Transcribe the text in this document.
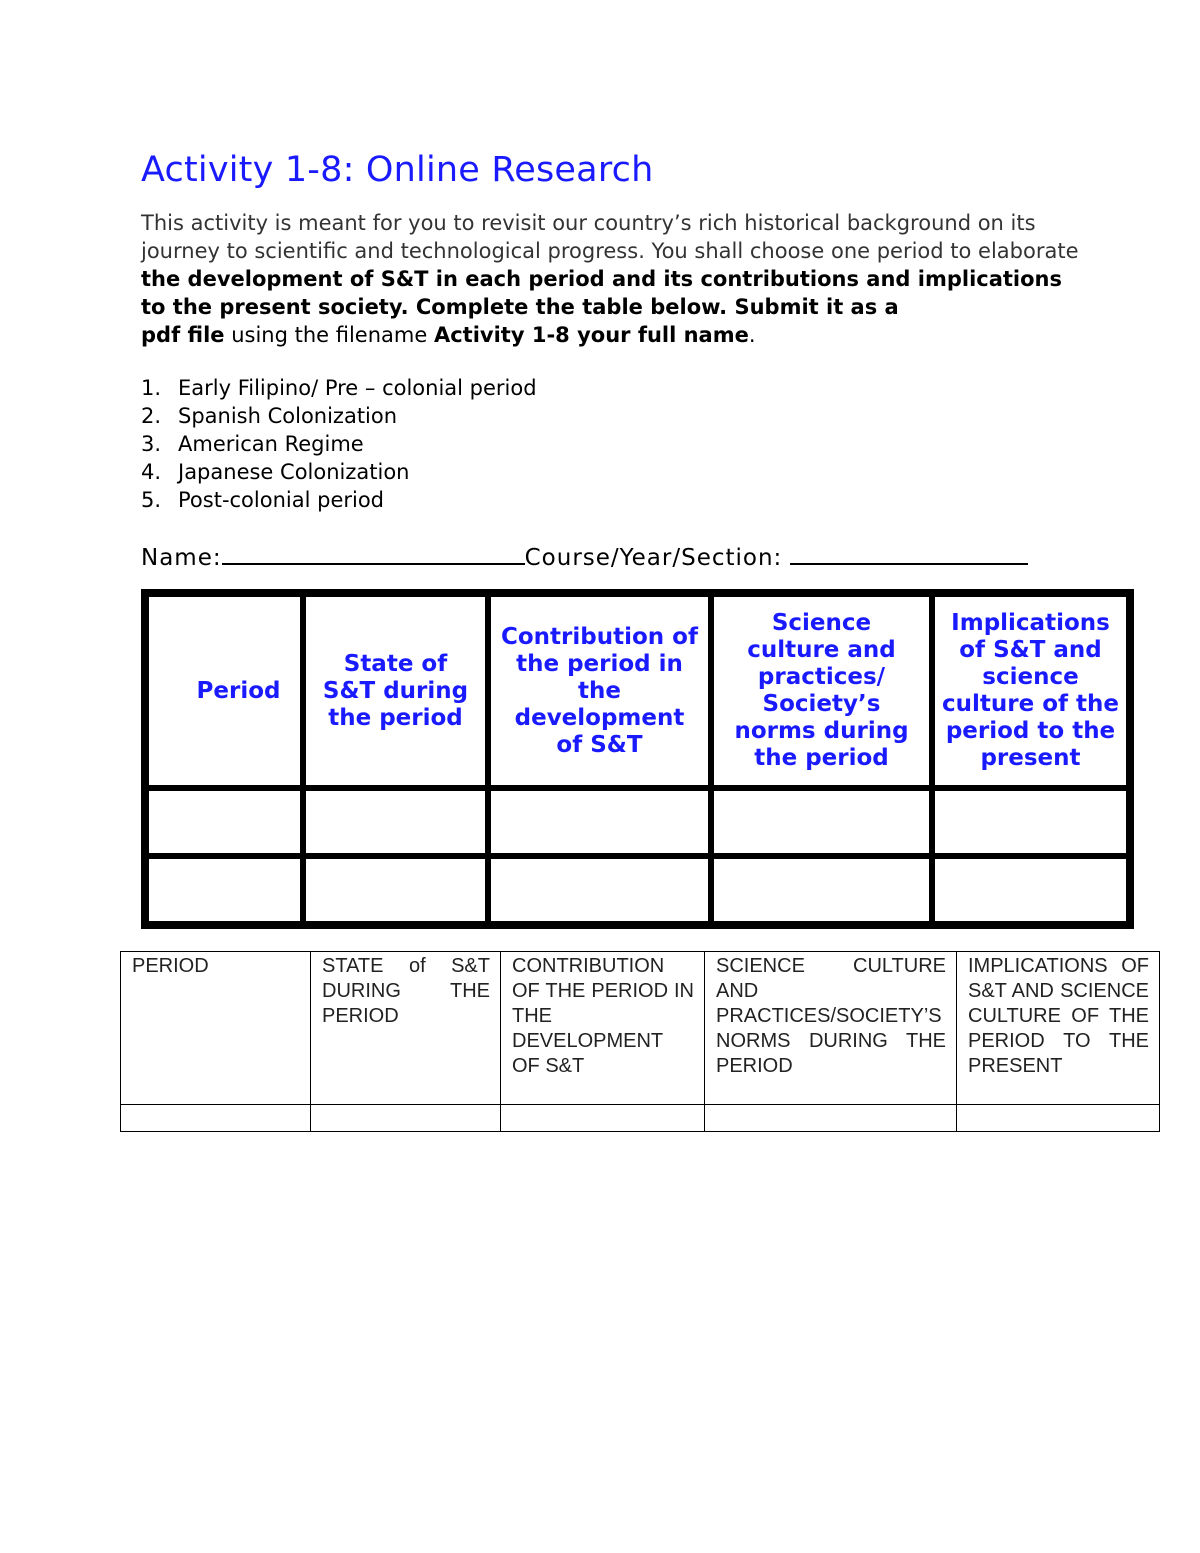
Activity 1-8: Online Research

This activity is meant for you to revisit our country’s rich historical background on its journey to scientific and technological progress. You shall choose one period to elaborate the development of S&T in each period and its contributions and implications to the present society. Complete the table below. Submit it as a
pdf file using the filename Activity 1-8 your full name.

1. Early Filipino/ Pre – colonial period
2. Spanish Colonization
3. American Regime
4. Japanese Colonization
5. Post-colonial period
Name:	Course/Year/Section:
Period	State of S&T during the period	Contribution of the period in the development of S&T	Science culture and practices/ Society’s norms during the period	Implications of S&T and science culture of the period to the present

PERIOD	STATE of S&T DURING THE PERIOD	CONTRIBUTION OF THE PERIOD IN THE DEVELOPMENT OF S&T	SCIENCE CULTURE AND PRACTICES/SOCIETY’S NORMS DURING THE PERIOD	IMPLICATIONS OF S&T AND SCIENCE CULTURE OF THE PERIOD TO THE PRESENT
